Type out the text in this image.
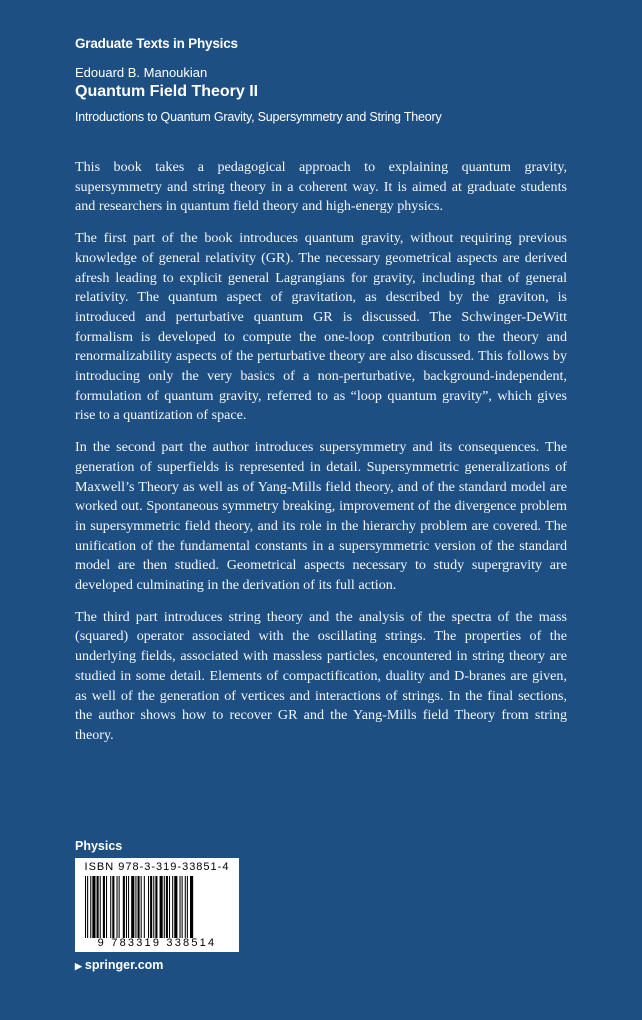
Graduate Texts in Physics
Edouard B. Manoukian
Quantum Field Theory II
Introductions to Quantum Gravity, Supersymmetry and String Theory

This book takes a pedagogical approach to explaining quantum gravity, supersymmetry and string theory in a coherent way. It is aimed at graduate students and researchers in quantum field theory and high-energy physics.

The first part of the book introduces quantum gravity, without requiring previous knowledge of general relativity (GR). The necessary geometrical aspects are derived afresh leading to explicit general Lagrangians for gravity, including that of general relativity. The quantum aspect of gravitation, as described by the graviton, is introduced and perturbative quantum GR is discussed. The Schwinger-DeWitt formalism is developed to compute the one-loop contribution to the theory and renormalizability aspects of the perturbative theory are also discussed. This follows by introducing only the very basics of a non-perturbative, background-independent, formulation of quantum gravity, referred to as “loop quantum gravity”, which gives rise to a quantization of space.

In the second part the author introduces supersymmetry and its consequences. The generation of superfields is represented in detail. Supersymmetric generalizations of Maxwell’s Theory as well as of Yang-Mills field theory, and of the standard model are worked out. Spontaneous symmetry breaking, improvement of the divergence problem in supersymmetric field theory, and its role in the hierarchy problem are covered. The unification of the fundamental constants in a supersymmetric version of the standard model are then studied. Geometrical aspects necessary to study supergravity are developed culminating in the derivation of its full action.

The third part introduces string theory and the analysis of the spectra of the mass (squared) operator associated with the oscillating strings. The properties of the underlying fields, associated with massless particles, encountered in string theory are studied in some detail. Elements of compactification, duality and D-branes are given, as well of the generation of vertices and interactions of strings. In the final sections, the author shows how to recover GR and the Yang-Mills field Theory from string theory.

Physics
ISBN 978-3-319-33851-4
9 783319 338514
▶ springer.com
